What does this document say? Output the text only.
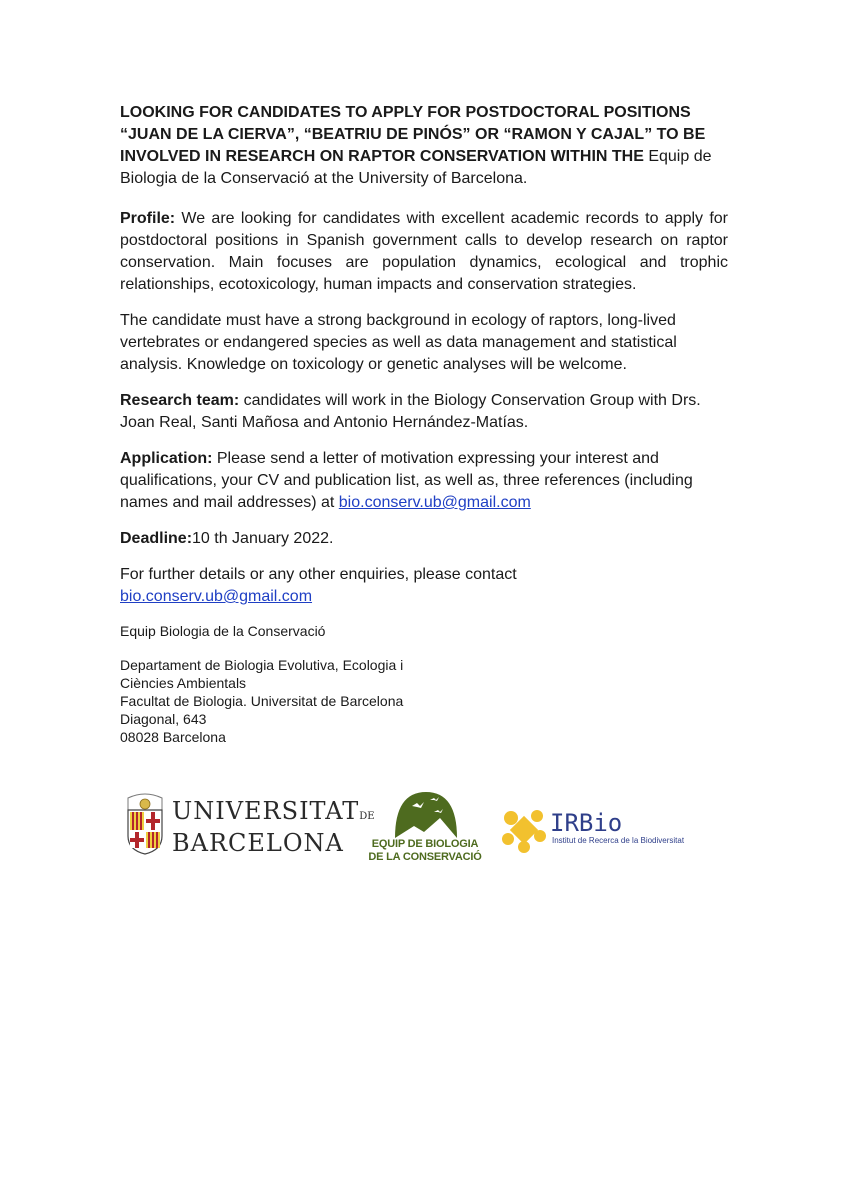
LOOKING FOR CANDIDATES TO APPLY FOR POSTDOCTORAL POSITIONS “JUAN DE LA CIERVA”, “BEATRIU DE PINÓS” OR “RAMON Y CAJAL” TO BE INVOLVED IN RESEARCH ON RAPTOR CONSERVATION WITHIN THE Equip de Biologia de la Conservació at the University of Barcelona.

Profile: We are looking for candidates with excellent academic records to apply for postdoctoral positions in Spanish government calls to develop research on raptor conservation. Main focuses are population dynamics, ecological and trophic relationships, ecotoxicology, human impacts and conservation strategies.

The candidate must have a strong background in ecology of raptors, long-lived vertebrates or endangered species as well as data management and statistical analysis. Knowledge on toxicology or genetic analyses will be welcome.

Research team: candidates will work in the Biology Conservation Group with Drs. Joan Real, Santi Mañosa and Antonio Hernández-Matías.

Application: Please send a letter of motivation expressing your interest and qualifications, your CV and publication list, as well as, three references (including names and mail addresses) at bio.conserv.ub@gmail.com

Deadline:10 th January 2022.

For further details or any other enquiries, please contact
bio.conserv.ub@gmail.com

Equip Biologia de la Conservació

Departament de Biologia Evolutiva, Ecologia i
Ciències Ambientals
Facultat de Biologia. Universitat de Barcelona
Diagonal, 643
08028 Barcelona
UNIVERSITATDE
BARCELONA	EQUIP DE BIOLOGIA
DE LA CONSERVACIÓ
IRBio
Institut de Recerca de la Biodiversitat
